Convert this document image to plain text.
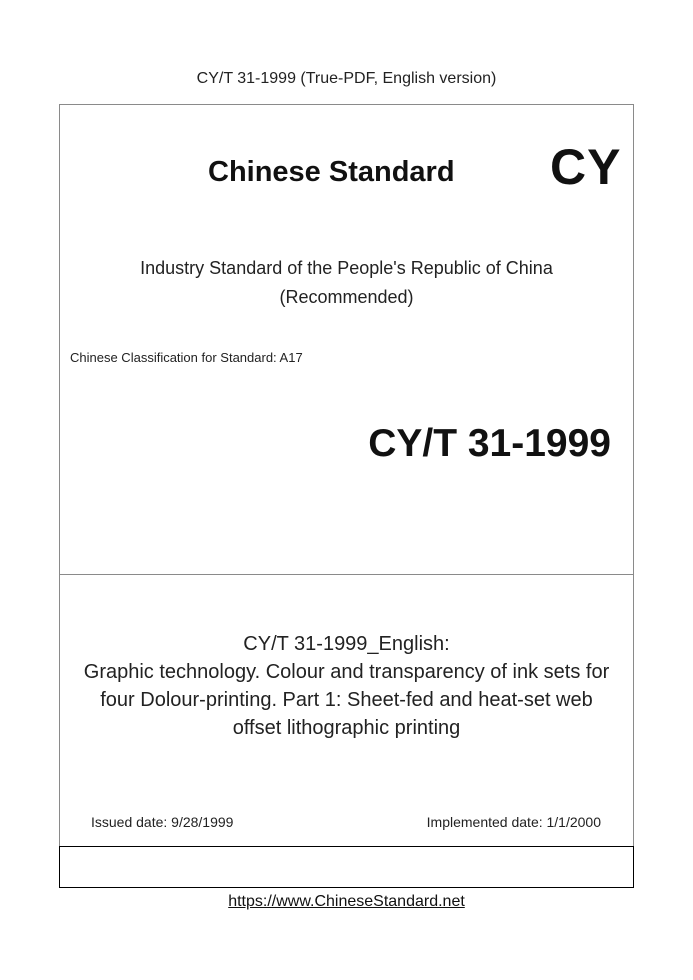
CY/T 31-1999 (True-PDF, English version)
Chinese Standard CY
Industry Standard of the People's Republic of China
(Recommended)
Chinese Classification for Standard: A17
CY/T 31-1999
CY/T 31-1999_English:
Graphic technology. Colour and transparency of ink sets for
four Dolour-printing. Part 1: Sheet-fed and heat-set web
offset lithographic printing
Issued date: 9/28/1999	Implemented date: 1/1/2000
https://www.ChineseStandard.net
